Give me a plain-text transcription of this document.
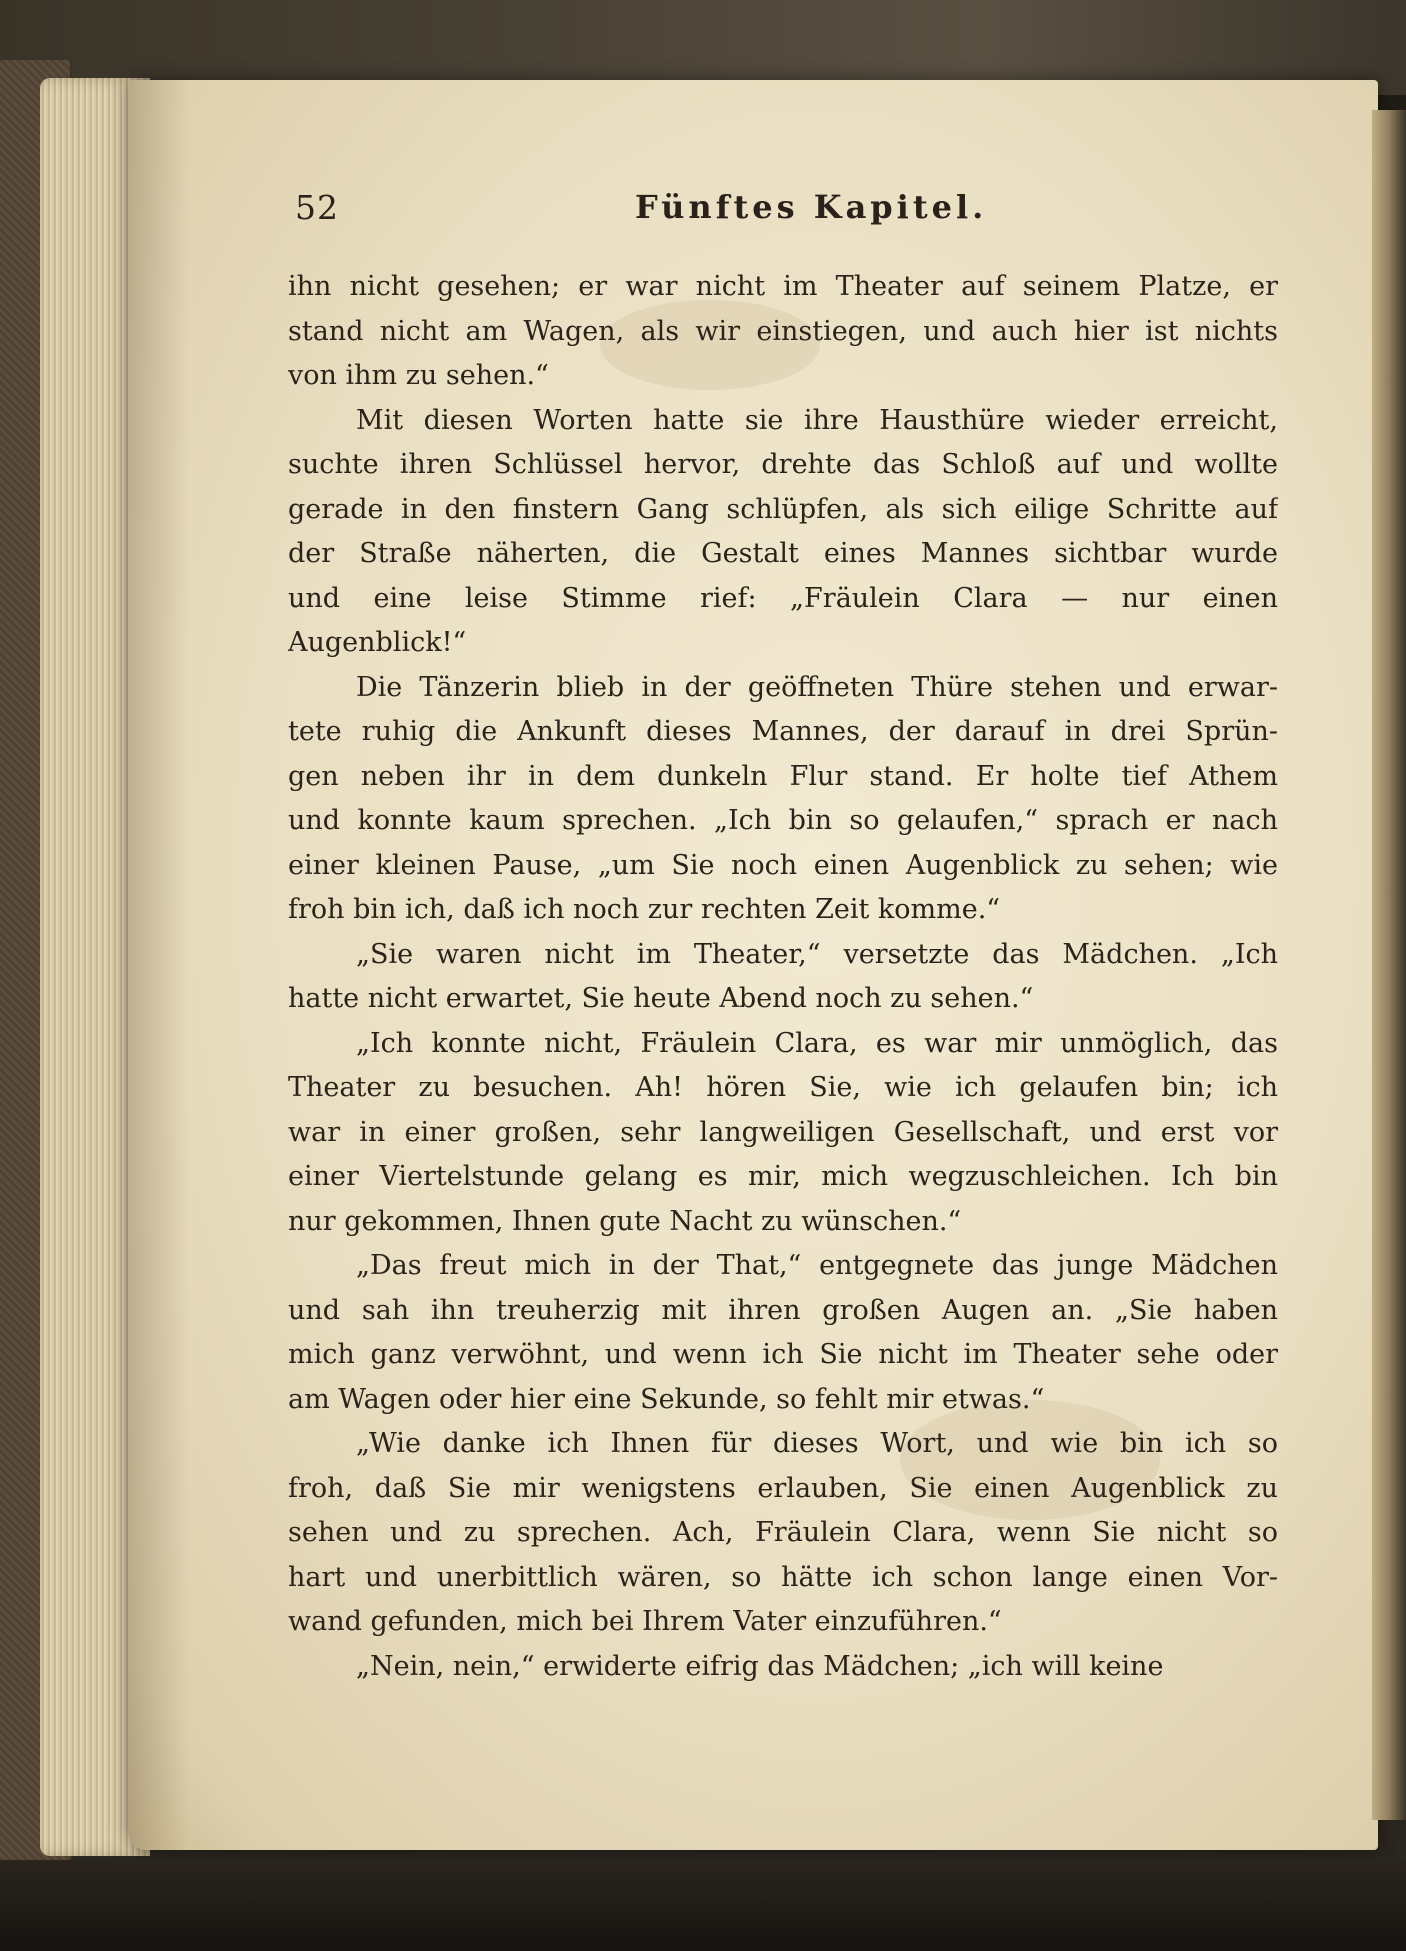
52	Fünftes Kapitel.
ihn nicht gesehen; er war nicht im Theater auf seinem Platze, er
stand nicht am Wagen, als wir einstiegen, und auch hier ist nichts
von ihm zu sehen.“
Mit diesen Worten hatte sie ihre Hausthüre wieder erreicht,
suchte ihren Schlüssel hervor, drehte das Schloß auf und wollte
gerade in den finstern Gang schlüpfen, als sich eilige Schritte auf
der Straße näherten, die Gestalt eines Mannes sichtbar wurde
und eine leise Stimme rief: „Fräulein Clara — nur einen
Augenblick!“
Die Tänzerin blieb in der geöffneten Thüre stehen und erwar-
tete ruhig die Ankunft dieses Mannes, der darauf in drei Sprün-
gen neben ihr in dem dunkeln Flur stand. Er holte tief Athem
und konnte kaum sprechen. „Ich bin so gelaufen,“ sprach er nach
einer kleinen Pause, „um Sie noch einen Augenblick zu sehen; wie
froh bin ich, daß ich noch zur rechten Zeit komme.“
„Sie waren nicht im Theater,“ versetzte das Mädchen. „Ich
hatte nicht erwartet, Sie heute Abend noch zu sehen.“
„Ich konnte nicht, Fräulein Clara, es war mir unmöglich, das
Theater zu besuchen. Ah! hören Sie, wie ich gelaufen bin; ich
war in einer großen, sehr langweiligen Gesellschaft, und erst vor
einer Viertelstunde gelang es mir, mich wegzuschleichen. Ich bin
nur gekommen, Ihnen gute Nacht zu wünschen.“
„Das freut mich in der That,“ entgegnete das junge Mädchen
und sah ihn treuherzig mit ihren großen Augen an. „Sie haben
mich ganz verwöhnt, und wenn ich Sie nicht im Theater sehe oder
am Wagen oder hier eine Sekunde, so fehlt mir etwas.“
„Wie danke ich Ihnen für dieses Wort, und wie bin ich so
froh, daß Sie mir wenigstens erlauben, Sie einen Augenblick zu
sehen und zu sprechen. Ach, Fräulein Clara, wenn Sie nicht so
hart und unerbittlich wären, so hätte ich schon lange einen Vor-
wand gefunden, mich bei Ihrem Vater einzuführen.“
„Nein, nein,“ erwiderte eifrig das Mädchen; „ich will keine
